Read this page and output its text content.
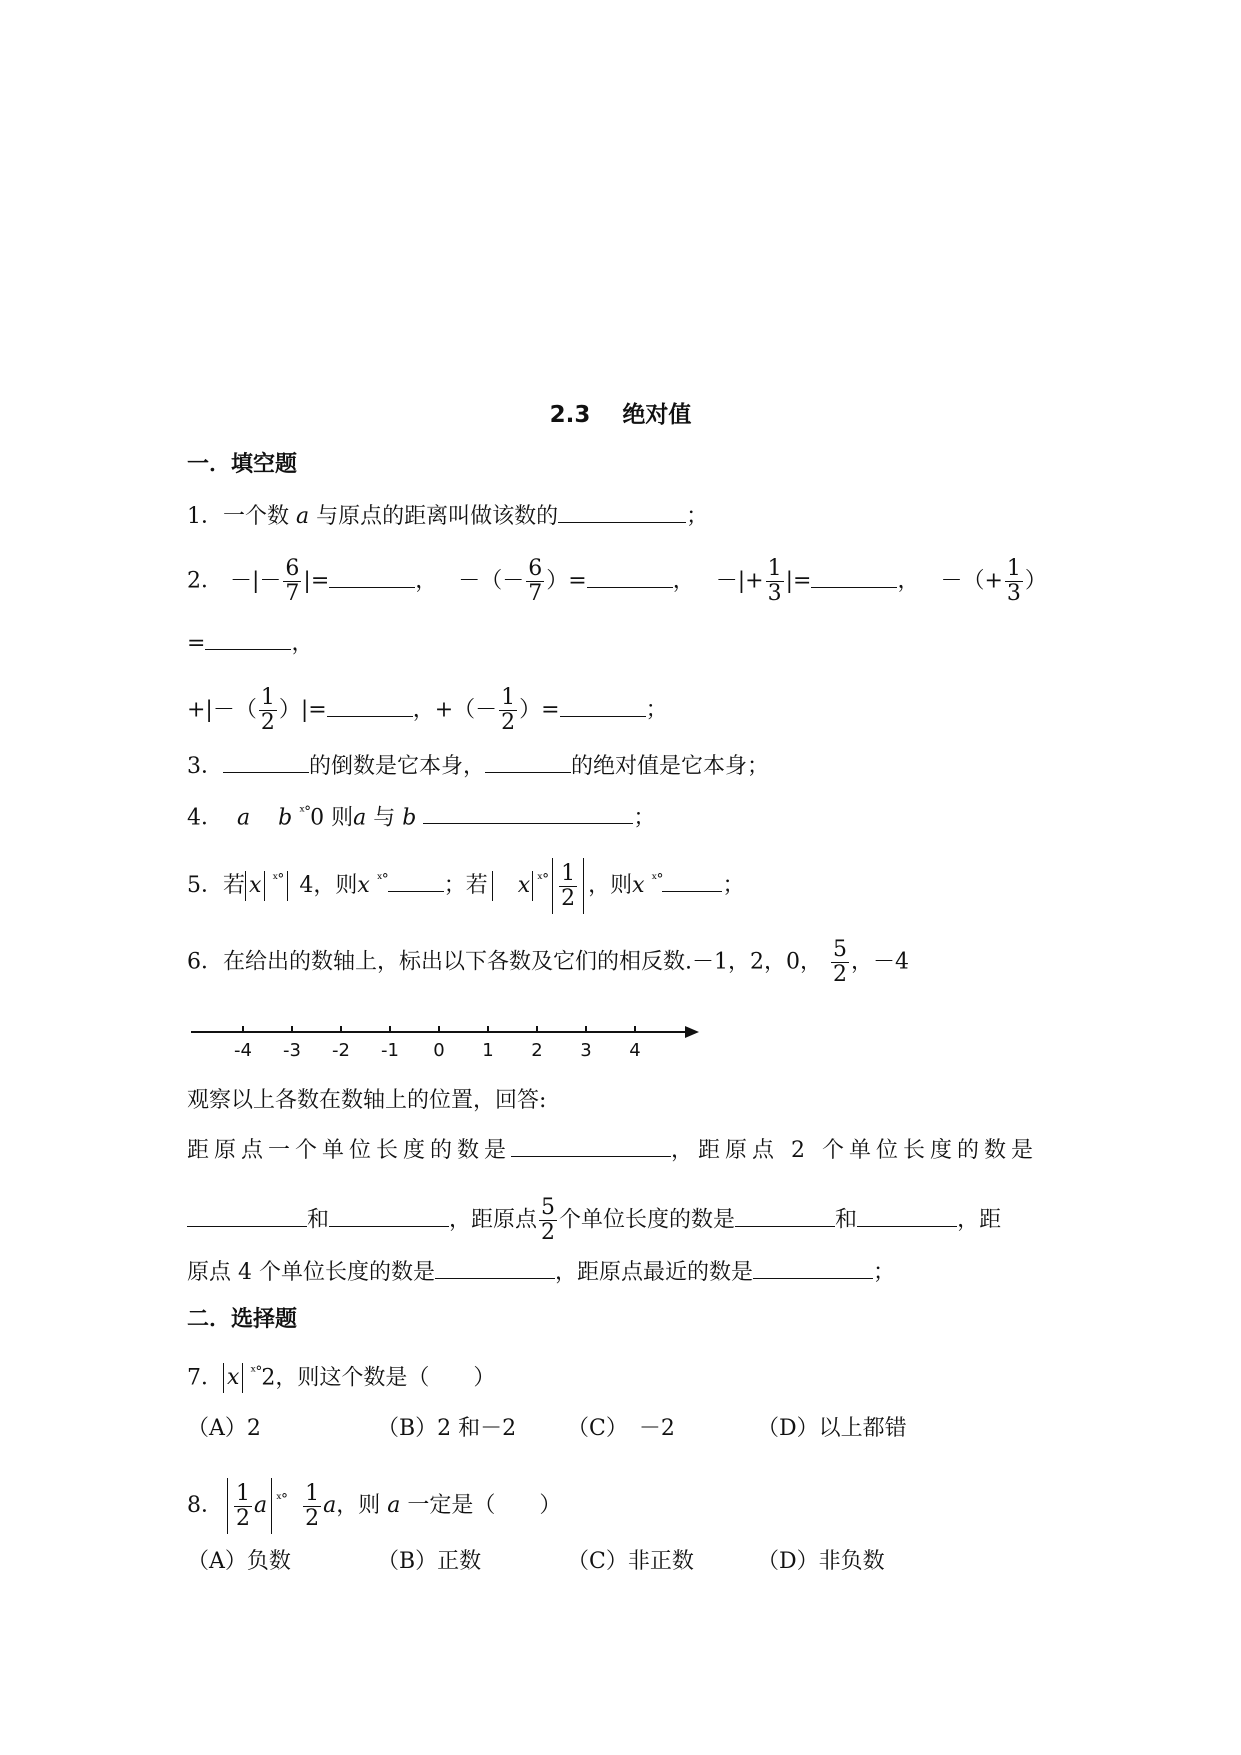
2.3 绝对值
一．填空题
1．一个数 a 与原点的距离叫做该数的	；
2． －|－ $\frac{6}{7}$ |=	， －（－ $\frac{6}{7}$ ）=	， －|+ $\frac{1}{3}$ |=	， －（+ $\frac{1}{3}$ ）
=	，
+|－（ $\frac{1}{2}$ ）|=	，+（－ $\frac{1}{2}$ ）=	；
3．	的倒数是它本身，	的绝对值是它本身；
4． a b $^{ˣ^\circ}$0 则a 与 b	；
5．若 x $^{ˣ^\circ}$ 4，则x $^{ˣ^\circ}$	；若 x $^{ˣ^\circ} \frac{1}{2}$ ，则x $^{ˣ^\circ}$	；
6．在给出的数轴上，标出以下各数及它们的相反数.－1，2，0， $\frac{5}{2}$ ，－4
-4 -3 -2 -1 0 1 2 3 4
观察以上各数在数轴上的位置，回答:
距原点一个单位长度的数是	，距原点 2 个单位长度的数是
和	，距原点 $\frac{5}{2}$ 个单位长度的数是	和	，距
原点 4 个单位长度的数是	，距原点最近的数是	；
二．选择题
7． x $^{ˣ^\circ}$2，则这个数是（　　）
（A）2	（B）2 和－2 （C）　－2	（D）以上都错
8． $\frac{1}{2}$ a $^{ˣ^\circ} \frac{1}{2}$ a，则 a 一定是（　　）
（A）负数	（B）正数	（C）非正数	（D）非负数
